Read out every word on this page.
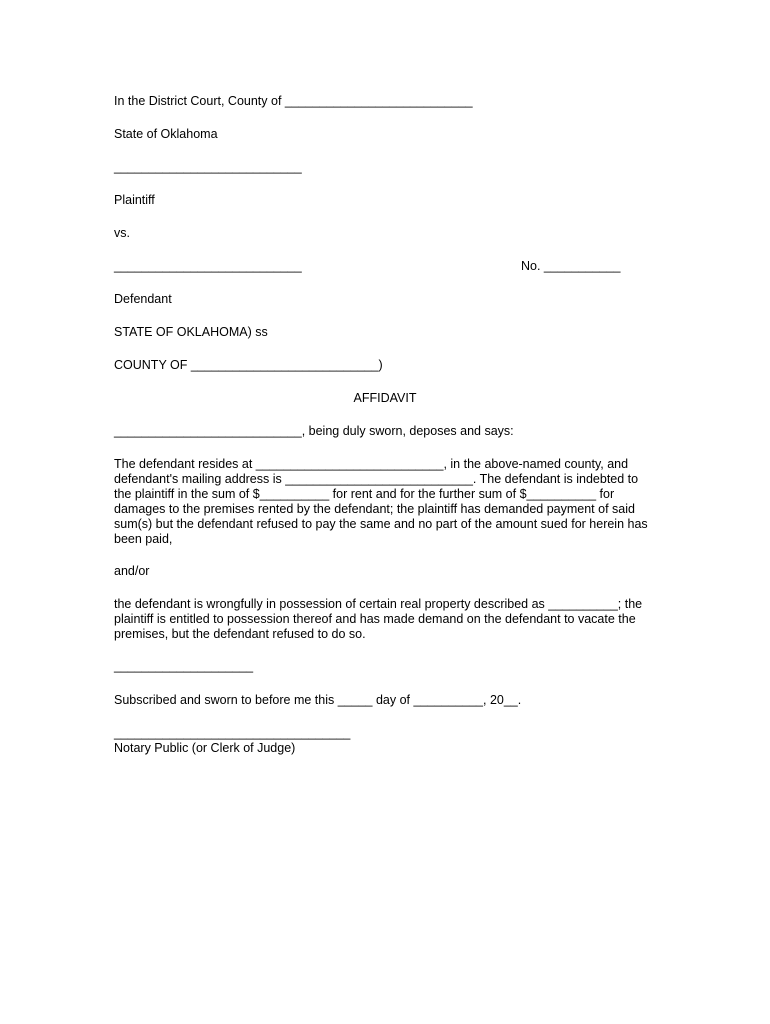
In the District Court, County of ___________________________

State of Oklahoma

___________________________

Plaintiff

vs.

___________________________	No. ___________

Defendant

STATE OF OKLAHOMA) ss

COUNTY OF ___________________________)

AFFIDAVIT

___________________________, being duly sworn, deposes and says:

The defendant resides at ___________________________, in the above-named county, and
defendant's mailing address is ___________________________. The defendant is indebted to
the plaintiff in the sum of $__________ for rent and for the further sum of $__________ for
damages to the premises rented by the defendant; the plaintiff has demanded payment of said
sum(s) but the defendant refused to pay the same and no part of the amount sued for herein has
been paid,

and/or

the defendant is wrongfully in possession of certain real property described as __________; the
plaintiff is entitled to possession thereof and has made demand on the defendant to vacate the
premises, but the defendant refused to do so.

____________________

Subscribed and sworn to before me this _____ day of __________, 20__.

__________________________________

Notary Public (or Clerk of Judge)
